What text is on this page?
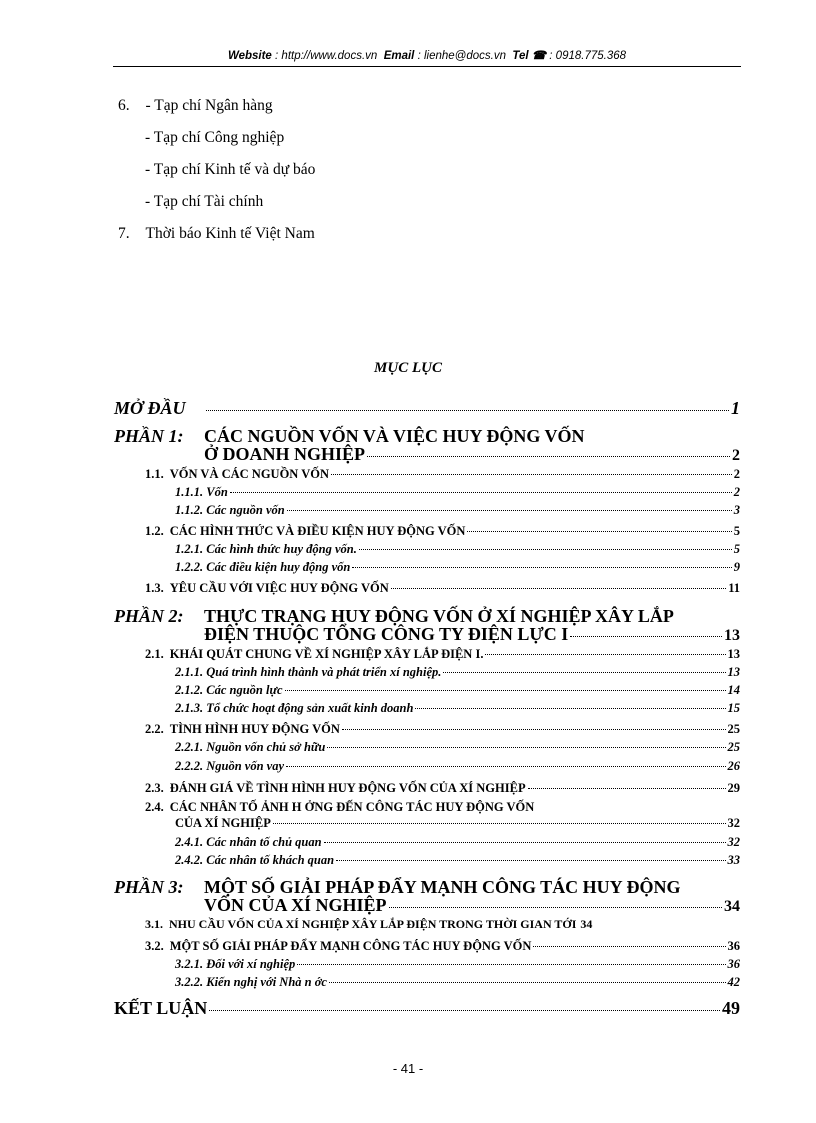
Website : http://www.docs.vn Email : lienhe@docs.vn Tel ☎ : 0918.775.368
6. - Tạp chí Ngân hàng
- Tạp chí Công nghiệp
- Tạp chí Kinh tế và dự báo
- Tạp chí Tài chính
7. Thời báo Kinh tế Việt Nam
MỤC LỤC
MỞ ĐẦU	1
PHẦN 1: CÁC NGUỒN VỐN VÀ VIỆC HUY ĐỘNG VỐN
Ở DOANH NGHIỆP	2
1.1. VỐN VÀ CÁC NGUỒN VỐN	2
1.1.1. Vốn	2
1.1.2. Các nguồn vốn	3
1.2. CÁC HÌNH THỨC VÀ ĐIỀU KIỆN HUY ĐỘNG VỐN	5
1.2.1. Các hình thức huy động vốn.	5
1.2.2. Các điều kiện huy động vốn	9
1.3. YÊU CẦU VỚI VIỆC HUY ĐỘNG VỐN	11
PHẦN 2: THỰC TRẠNG HUY ĐỘNG VỐN Ở XÍ NGHIỆP XÂY LẮP
ĐIỆN THUỘC TỔNG CÔNG TY ĐIỆN LỰC I	13
2.1. KHÁI QUÁT CHUNG VỀ XÍ NGHIỆP XÂY LẮP ĐIỆN I.	13
2.1.1. Quá trình hình thành và phát triển xí nghiệp.	13
2.1.2. Các nguồn lực	14
2.1.3. Tổ chức hoạt động sản xuất kinh doanh	15
2.2. TÌNH HÌNH HUY ĐỘNG VỐN	25
2.2.1. Nguồn vốn chủ sở hữu	25
2.2.2. Nguồn vốn vay	26
2.3. ĐÁNH GIÁ VỀ TÌNH HÌNH HUY ĐỘNG VỐN CỦA XÍ NGHIỆP	29
2.4. CÁC NHÂN TỐ ẢNH H ỞNG ĐẾN CÔNG TÁC HUY ĐỘNG VỐN
CỦA XÍ NGHIỆP	32
2.4.1. Các nhân tố chủ quan	32
2.4.2. Các nhân tố khách quan	33
PHẦN 3: MỘT SỐ GIẢI PHÁP ĐẨY MẠNH CÔNG TÁC HUY ĐỘNG
VỐN CỦA XÍ NGHIỆP	34
3.1. NHU CẦU VỐN CỦA XÍ NGHIỆP XÂY LẮP ĐIỆN TRONG THỜI GIAN TỚI 34
3.2. MỘT SỐ GIẢI PHÁP ĐẨY MẠNH CÔNG TÁC HUY ĐỘNG VỐN	36
3.2.1. Đối với xí nghiệp	36
3.2.2. Kiến nghị với Nhà n ớc	42
KẾT LUẬN	49
- 41 -
